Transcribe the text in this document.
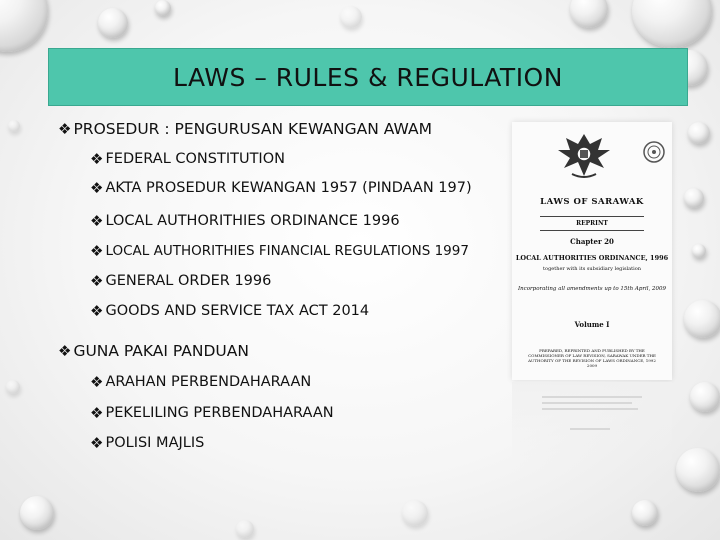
LAWS – RULES & REGULATION
❖ PROSEDUR : PENGURUSAN KEWANGAN AWAM
❖ FEDERAL CONSTITUTION
❖ AKTA PROSEDUR KEWANGAN 1957 (PINDAAN 197)
❖ LOCAL AUTHORITHIES ORDINANCE 1996
❖ LOCAL AUTHORITHIES FINANCIAL REGULATIONS 1997
❖ GENERAL ORDER 1996
❖ GOODS AND SERVICE TAX ACT 2014
❖ GUNA PAKAI PANDUAN
❖ ARAHAN PERBENDAHARAAN
❖ PEKELILING PERBENDAHARAAN
❖ POLISI MAJLIS
LAWS OF SARAWAK
REPRINT
Chapter 20
LOCAL AUTHORITIES ORDINANCE, 1996
together with its subsidiary legislation
Incorporating all amendments up to 15th April, 2009
Volume I
PREPARED, REPRINTED AND PUBLISHED BY THE COMMISSIONER OF LAW REVISION, SARAWAK UNDER THE AUTHORITY OF THE REVISION OF LAWS ORDINANCE, 1992 2009
